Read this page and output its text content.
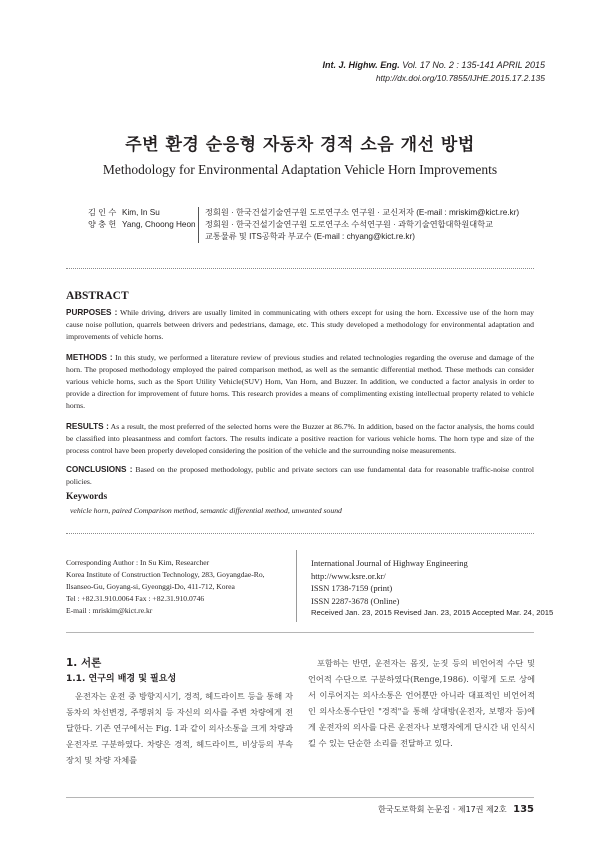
Int. J. Highw. Eng. Vol. 17 No. 2 : 135-141 APRIL 2015
http://dx.doi.org/10.7855/IJHE.2015.17.2.135
주변 환경 순응형 자동차 경적 소음 개선 방법
Methodology for Environmental Adaptation Vehicle Horn Improvements
김 인 수 Kim, In Su	정회원 · 한국건설기술연구원 도로연구소 연구원 · 교신저자 (E-mail : mriskim@kict.re.kr)
양 충 헌 Yang, Choong Heon	정회원 · 한국건설기술연구원 도로연구소 수석연구원 · 과학기술연합대학원대학교
교통물류 및 ITS공학과 부교수 (E-mail : chyang@kict.re.kr)
ABSTRACT
PURPOSES : While driving, drivers are usually limited in communicating with others except for using the horn. Excessive use of the horn may cause noise pollution, quarrels between drivers and pedestrians, damage, etc. This study developed a methodology for environmental adaptation and improvements of vehicle horns.
METHODS : In this study, we performed a literature review of previous studies and related technologies regarding the overuse and damage of the horn. The proposed methodology employed the paired comparison method, as well as the semantic differential method. These methods can consider various vehicle horns, such as the Sport Utility Vehicle(SUV) Horn, Van Horn, and Buzzer. In addition, we conducted a factor analysis in order to provide a direction for improvement of future horns. This research provides a means of complimenting existing intellectual property related to vehicle horns.
RESULTS : As a result, the most preferred of the selected horns were the Buzzer at 86.7%. In addition, based on the factor analysis, the horns could be classified into pleasantness and comfort factors. The results indicate a positive reaction for various vehicle horns. The horn type and size of the process control have been properly developed considering the position of the vehicle and the surrounding noise measurements.
CONCLUSIONS : Based on the proposed methodology, public and private sectors can use fundamental data for reasonable traffic-noise control policies.
Keywords
vehicle horn, paired Comparison method, semantic differential method, unwanted sound
Corresponding Author : In Su Kim, Researcher
Korea Institute of Construction Technology, 283, Goyangdae-Ro,
Ilsanseo-Gu, Goyang-si, Gyeonggi-Do, 411-712, Korea
Tel : +82.31.910.0064 Fax : +82.31.910.0746
E-mail : mriskim@kict.re.kr
International Journal of Highway Engineering
http://www.ksre.or.kr/
ISSN 1738-7159 (print)
ISSN 2287-3678 (Online)
Received Jan. 23, 2015 Revised Jan. 23, 2015 Accepted Mar. 24, 2015
1. 서론
1.1. 연구의 배경 및 필요성
운전자는 운전 중 방향지시기, 경적, 헤드라이트 등을 통해 자동차의 차선변경, 주행위치 등 자신의 의사를 주변 차량에게 전달한다. 기존 연구에서는 Fig. 1과 같이 의사소통을 크게 차량과 운전자로 구분하였다. 차량은 경적, 헤드라이트, 비상등의 부속장치 및 차량 자체를
포함하는 반면, 운전자는 몸짓, 눈짓 등의 비언어적 수단 및 언어적 수단으로 구분하였다(Renge,1986). 이렇게 도로 상에서 이루어지는 의사소통은 언어뿐만 아니라 대표적인 비언어적인 의사소통수단인 "경적"을 통해 상대방(운전자, 보행자 등)에게 운전자의 의사를 다른 운전자나 보행자에게 단시간 내 인식시킬 수 있는 단순한 소리를 전달하고 있다.
한국도로학회 논문집 · 제17권 제2호 135
